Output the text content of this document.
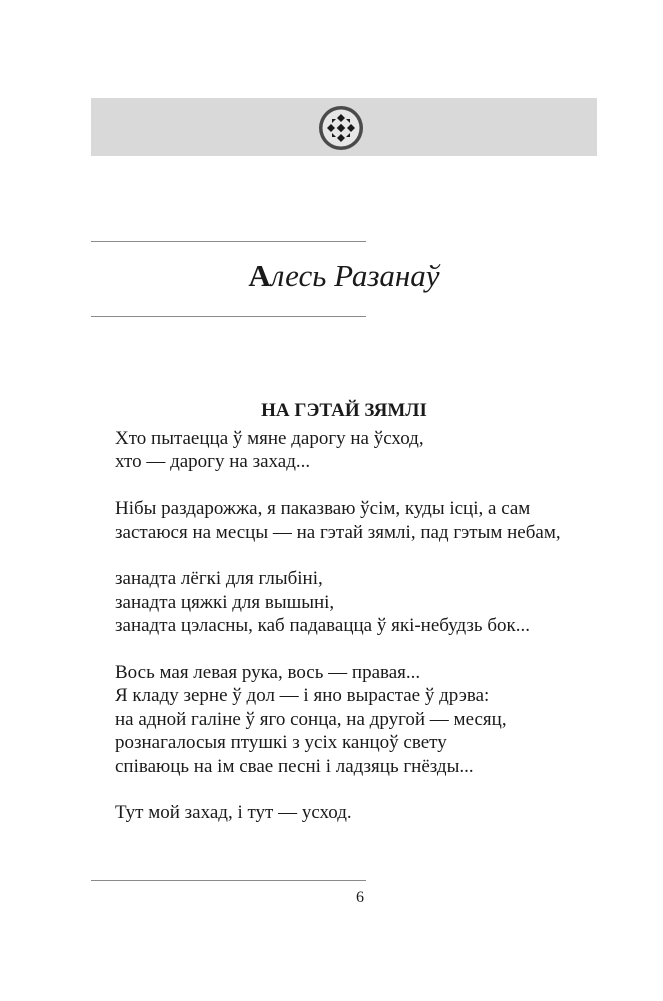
Алесь Разанаў
НА ГЭТАЙ ЗЯМЛІ
Хто пытаецца ў мяне дарогу на ўсход,
хто — дарогу на захад...
Нібы раздарожжа, я паказваю ўсім, куды ісці, а сам
застаюся на месцы — на гэтай зямлі, пад гэтым небам,
занадта лёгкі для глыбіні,
занадта цяжкі для вышыні,
занадта цэласны, каб падавацца ў які-небудзь бок...
Вось мая левая рука, вось — правая...
Я кладу зерне ў дол — і яно вырастае ў дрэва:
на адной галіне ў яго сонца, на другой — месяц,
рознагалосыя птушкі з усіх канцоў свету
співаюць на ім свае песні і ладзяць гнёзды...
Тут мой захад, і тут — усход.
6
